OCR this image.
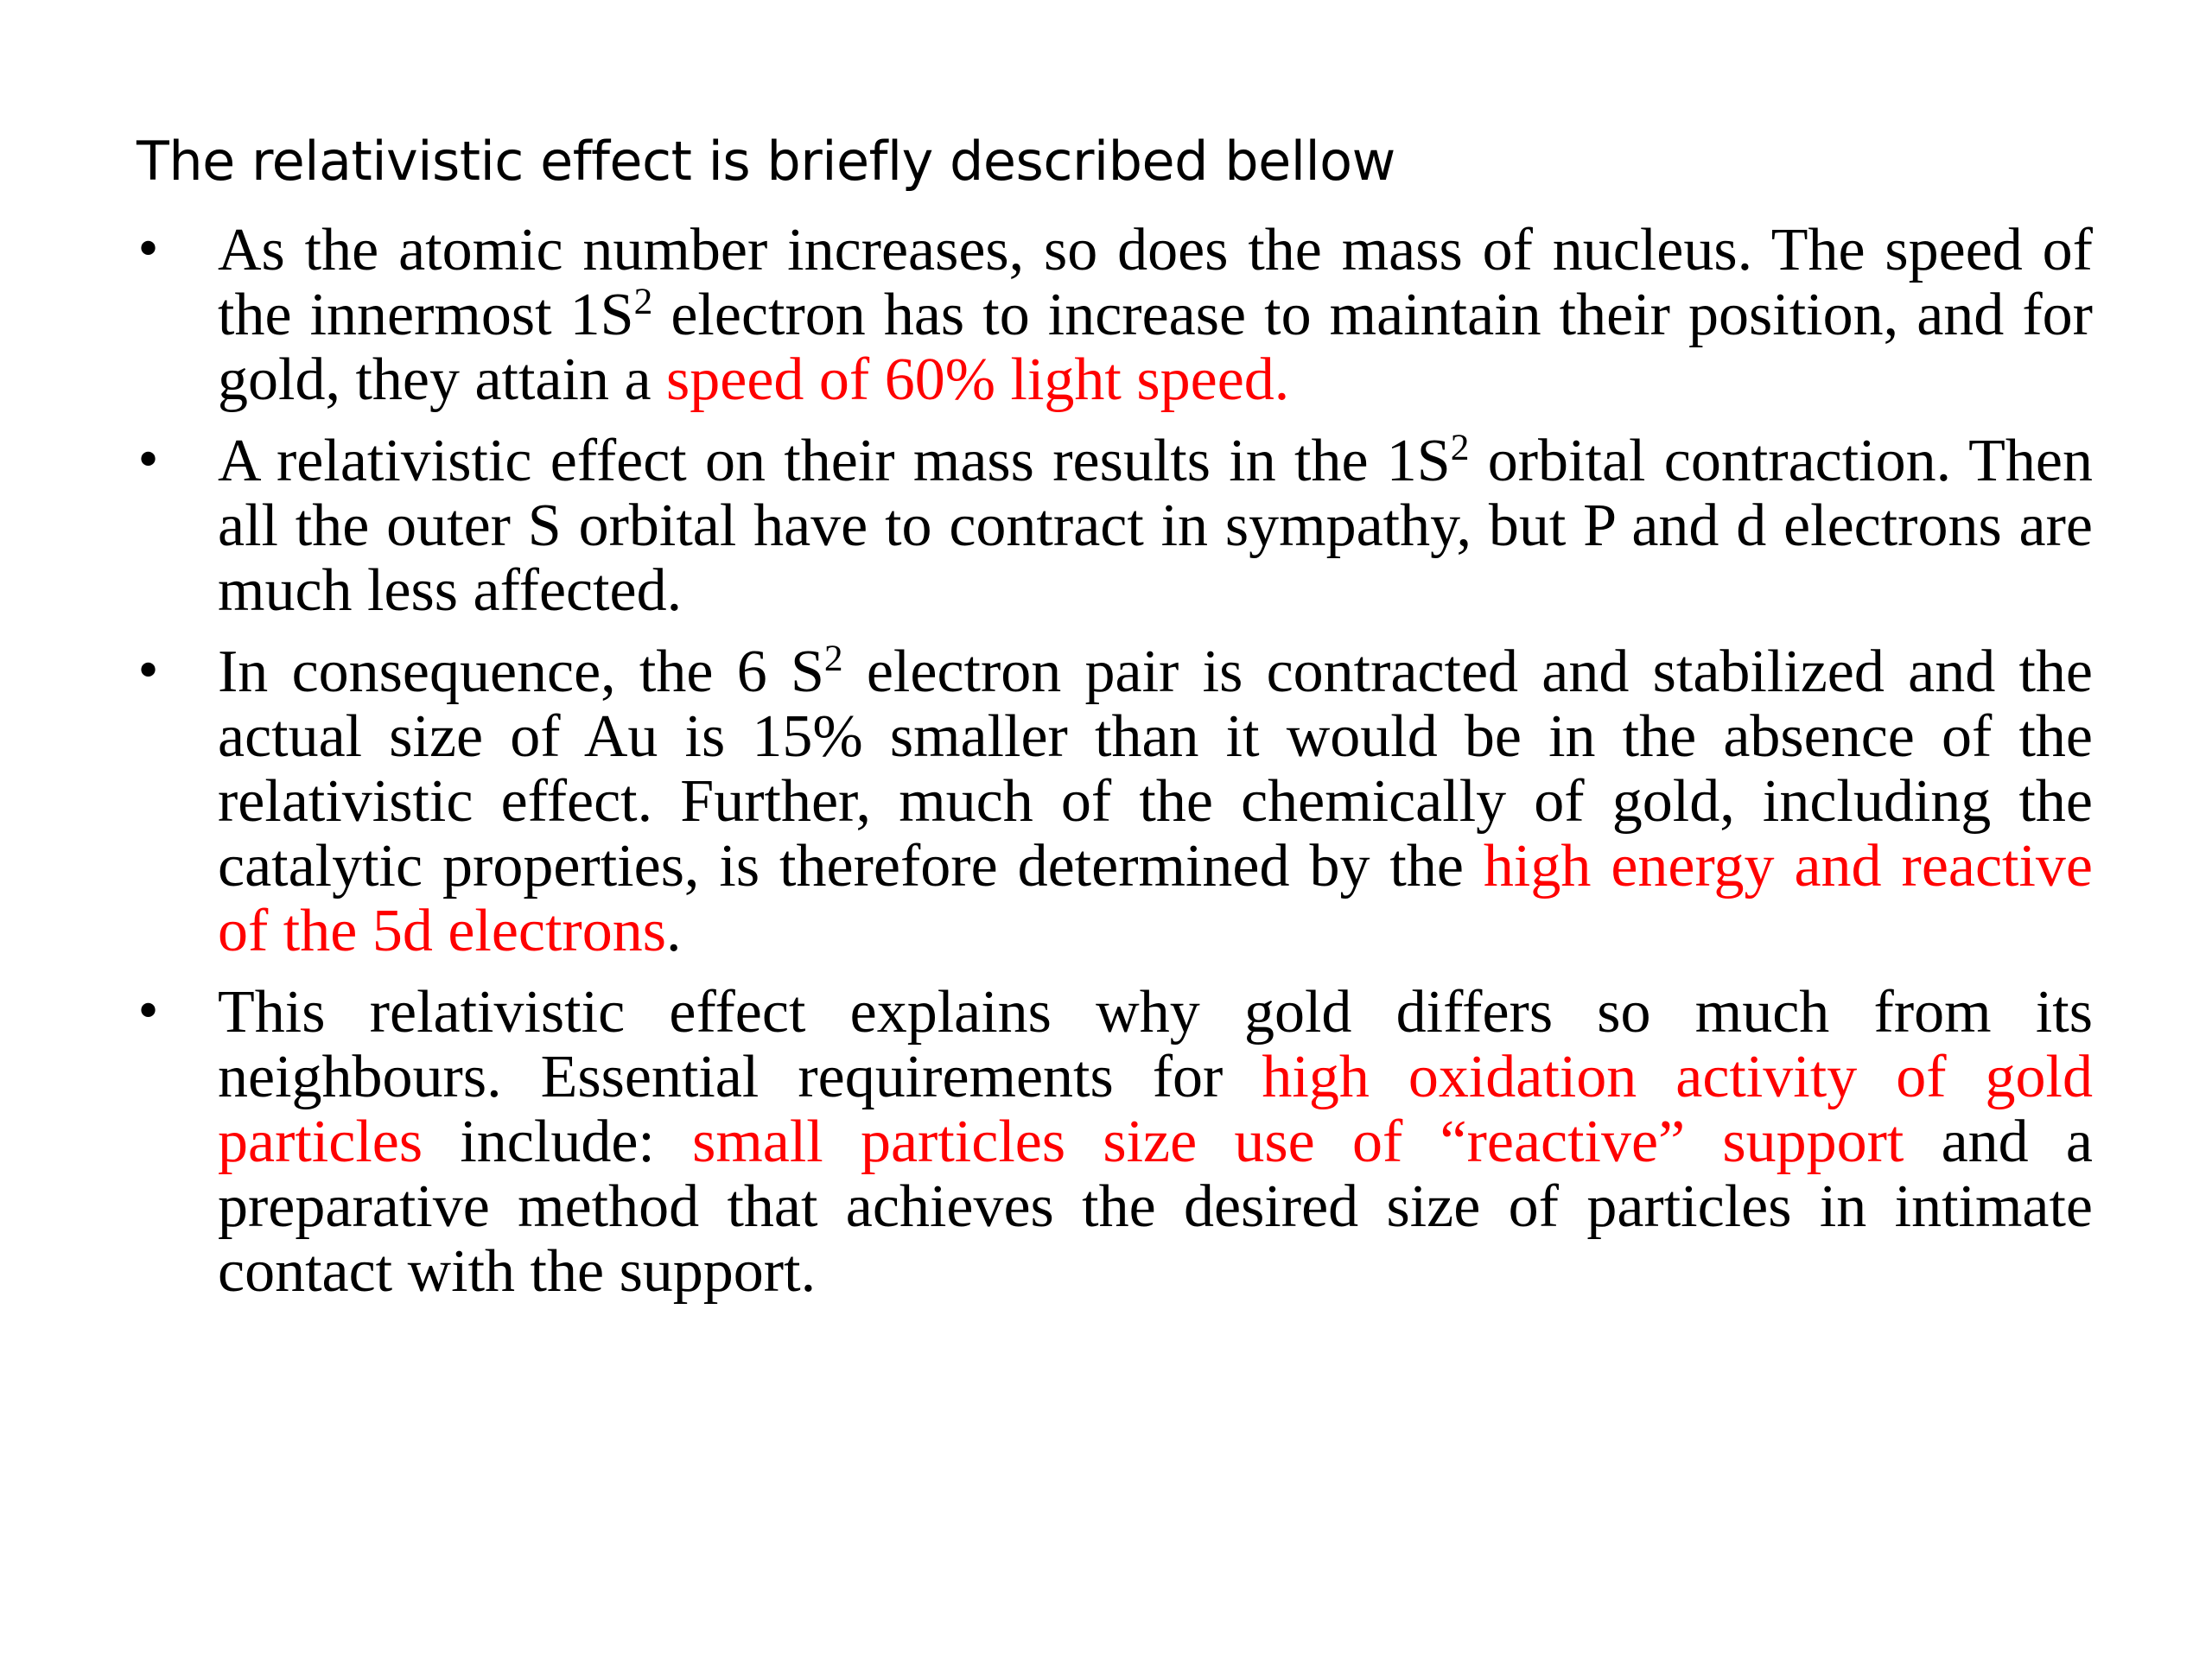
The relativistic effect is briefly described bellow
• As the atomic number increases, so does the mass of nucleus. The speed of the innermost $1S^2$ electron has to increase to maintain their position, and for gold, they attain a speed of 60% light speed.
• A relativistic effect on their mass results in the $1S^2$ orbital contraction. Then all the outer S orbital have to contract in sympathy, but P and d electrons are much less affected.
• In consequence, the 6 $S^2$ electron pair is contracted and stabilized and the actual size of Au is 15% smaller than it would be in the absence of the relativistic effect. Further, much of the chemically of gold, including the catalytic properties, is therefore determined by the high energy and reactive of the 5d electrons.
• This relativistic effect explains why gold differs so much from its neighbours. Essential requirements for high oxidation activity of gold particles include: small particles size use of “reactive” support and a preparative method that achieves the desired size of particles in intimate contact with the support.
